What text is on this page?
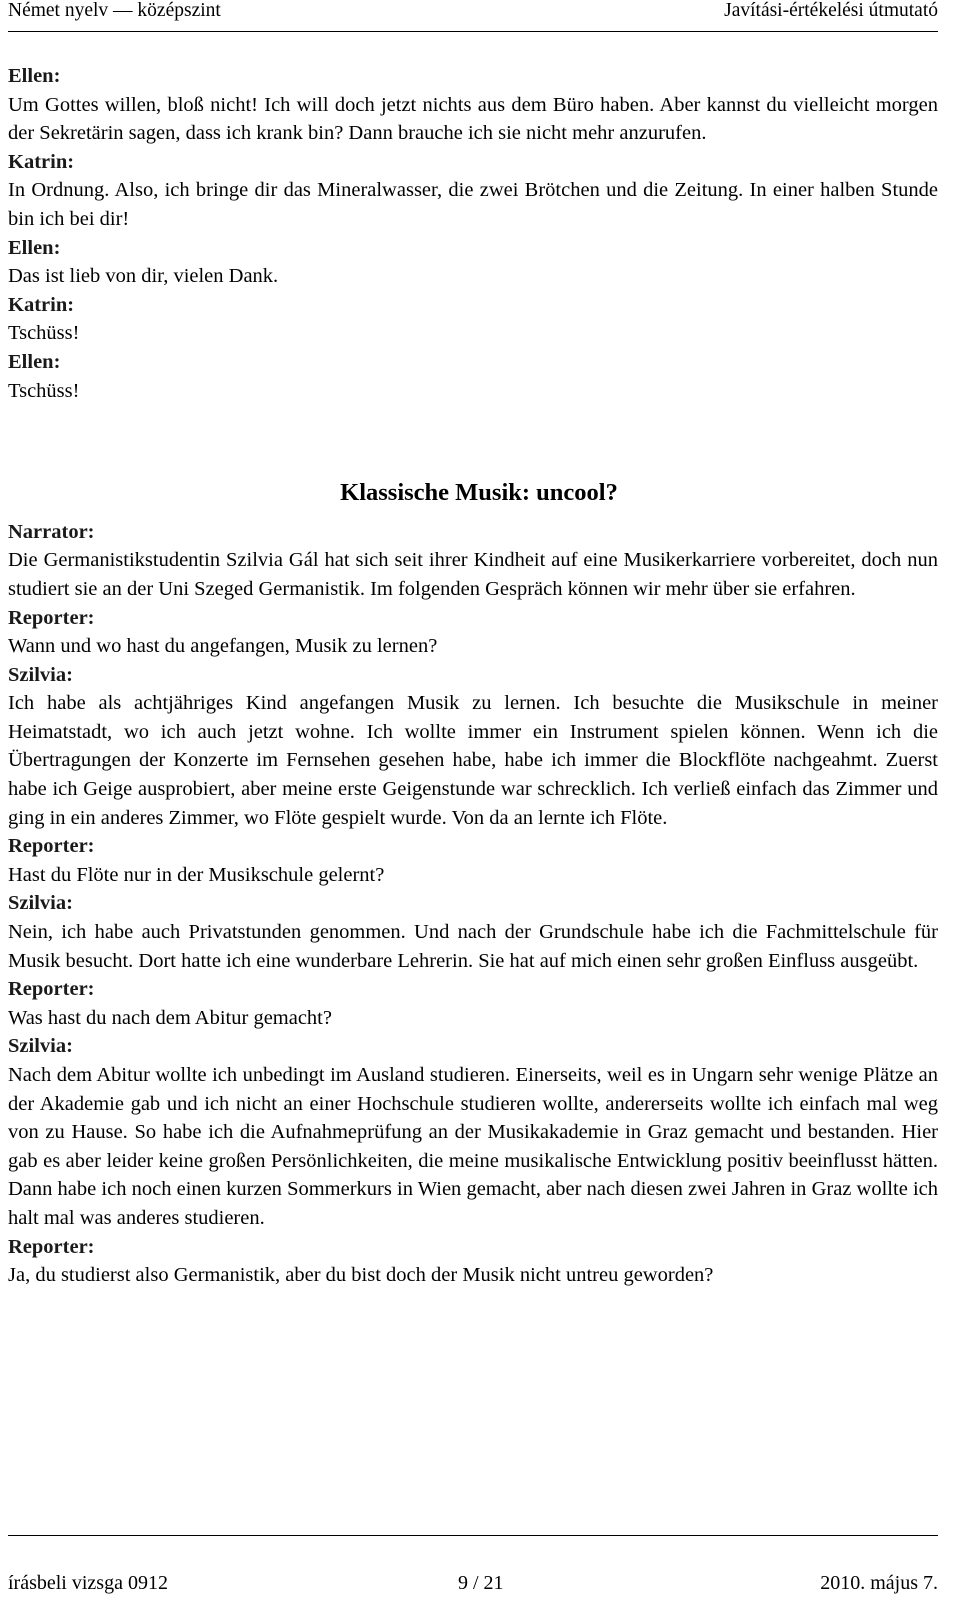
Német nyelv — középszint	Javítási-értékelési útmutató
Ellen:
Um Gottes willen, bloß nicht! Ich will doch jetzt nichts aus dem Büro haben. Aber kannst du vielleicht morgen der Sekretärin sagen, dass ich krank bin? Dann brauche ich sie nicht mehr anzurufen.
Katrin:
In Ordnung. Also, ich bringe dir das Mineralwasser, die zwei Brötchen und die Zeitung. In einer halben Stunde bin ich bei dir!
Ellen:
Das ist lieb von dir, vielen Dank.
Katrin:
Tschüss!
Ellen:
Tschüss!
Klassische Musik: uncool?
Narrator:
Die Germanistikstudentin Szilvia Gál hat sich seit ihrer Kindheit auf eine Musikerkarriere vorbereitet, doch nun studiert sie an der Uni Szeged Germanistik. Im folgenden Gespräch können wir mehr über sie erfahren.
Reporter:
Wann und wo hast du angefangen, Musik zu lernen?
Szilvia:
Ich habe als achtjähriges Kind angefangen Musik zu lernen. Ich besuchte die Musikschule in meiner Heimatstadt, wo ich auch jetzt wohne. Ich wollte immer ein Instrument spielen können. Wenn ich die Übertragungen der Konzerte im Fernsehen gesehen habe, habe ich immer die Blockflöte nachgeahmt. Zuerst habe ich Geige ausprobiert, aber meine erste Geigenstunde war schrecklich. Ich verließ einfach das Zimmer und ging in ein anderes Zimmer, wo Flöte gespielt wurde. Von da an lernte ich Flöte.
Reporter:
Hast du Flöte nur in der Musikschule gelernt?
Szilvia:
Nein, ich habe auch Privatstunden genommen. Und nach der Grundschule habe ich die Fachmittelschule für Musik besucht. Dort hatte ich eine wunderbare Lehrerin. Sie hat auf mich einen sehr großen Einfluss ausgeübt.
Reporter:
Was hast du nach dem Abitur gemacht?
Szilvia:
Nach dem Abitur wollte ich unbedingt im Ausland studieren. Einerseits, weil es in Ungarn sehr wenige Plätze an der Akademie gab und ich nicht an einer Hochschule studieren wollte, andererseits wollte ich einfach mal weg von zu Hause. So habe ich die Aufnahmeprüfung an der Musikakademie in Graz gemacht und bestanden. Hier gab es aber leider keine großen Persönlichkeiten, die meine musikalische Entwicklung positiv beeinflusst hätten. Dann habe ich noch einen kurzen Sommerkurs in Wien gemacht, aber nach diesen zwei Jahren in Graz wollte ich halt mal was anderes studieren.
Reporter:
Ja, du studierst also Germanistik, aber du bist doch der Musik nicht untreu geworden?
írásbeli vizsga 0912	9 / 21	2010. május 7.
